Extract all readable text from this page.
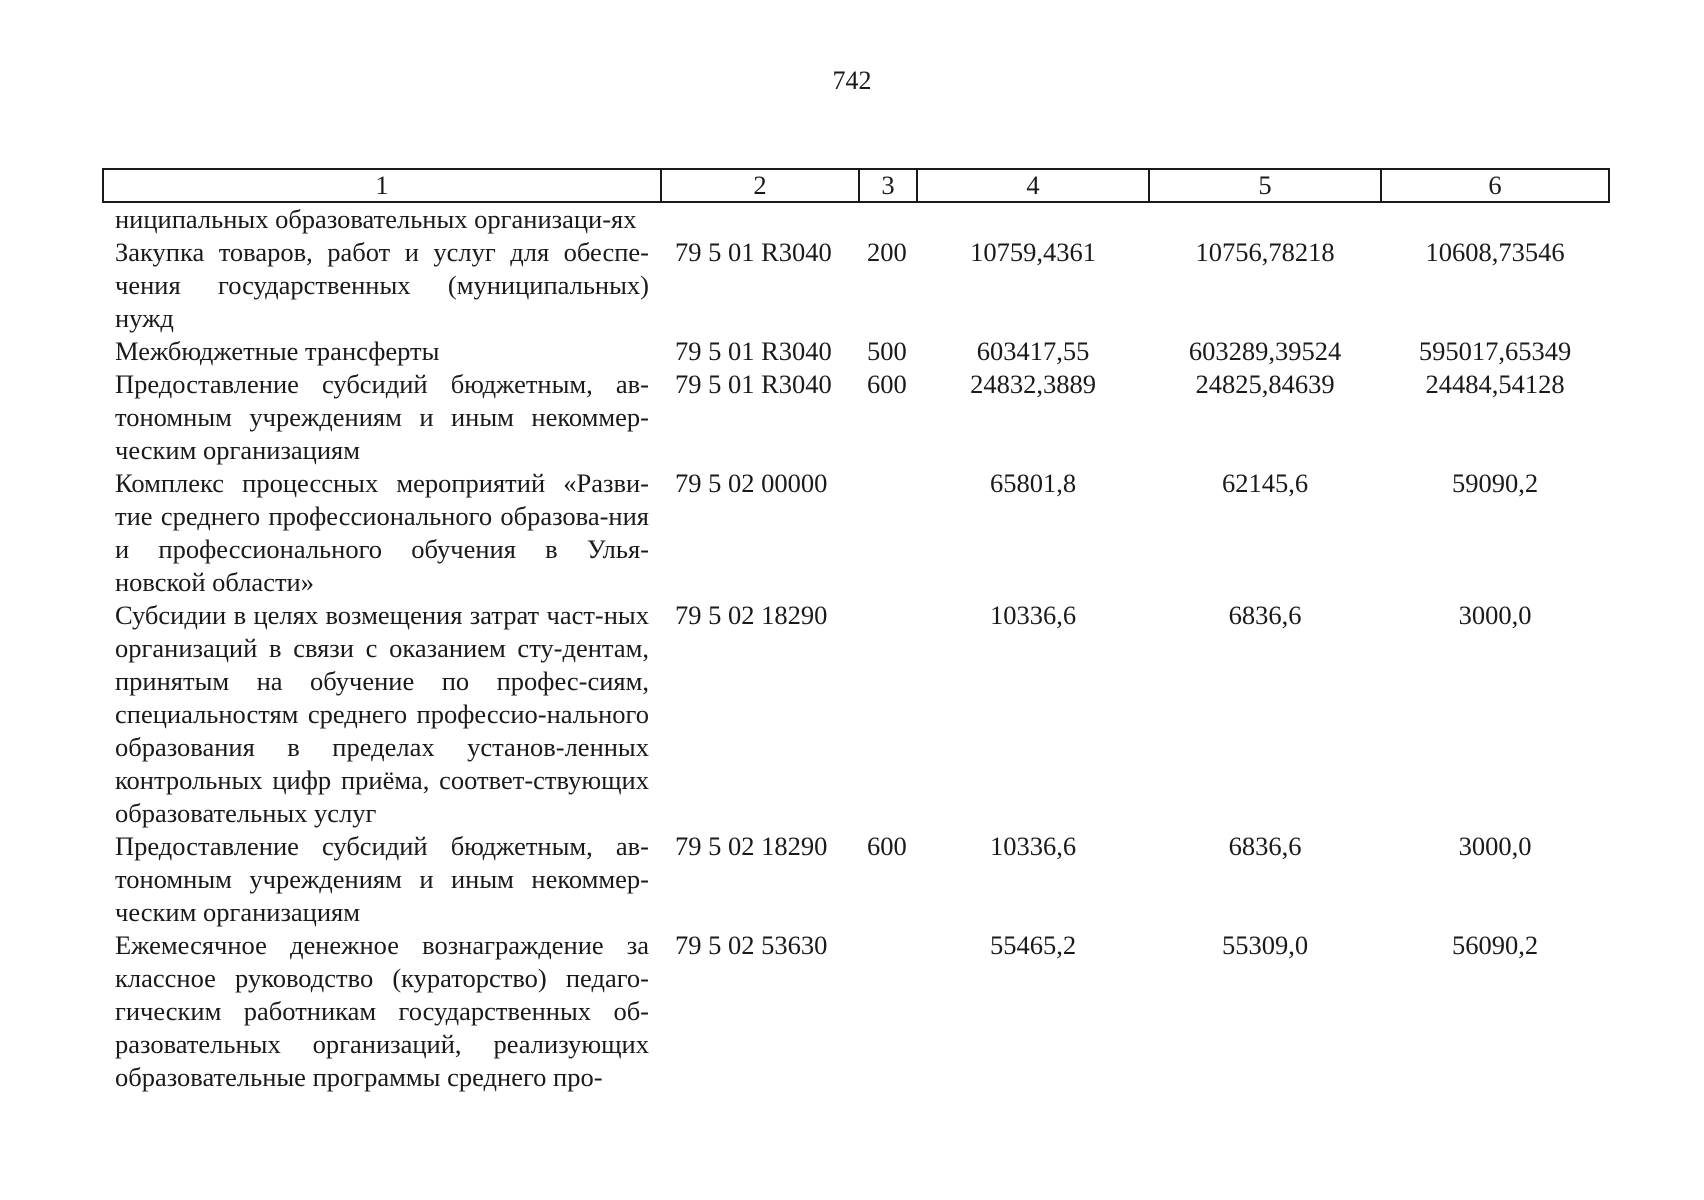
742
1	2	3	4	5	6
ниципальных образовательных организаци-ях					
Закупка товаров, работ и услуг для обеспе-чения государственных (муниципальных) нужд	79 5 01 R3040	200	10759,4361	10756,78218	10608,73546
Межбюджетные трансферты	79 5 01 R3040	500	603417,55	603289,39524	595017,65349
Предоставление субсидий бюджетным, ав-тономным учреждениям и иным некоммер-ческим организациям	79 5 01 R3040	600	24832,3889	24825,84639	24484,54128
Комплекс процессных мероприятий «Разви-тие среднего профессионального образова-ния и профессионального обучения в Улья-новской области»	79 5 02 00000		65801,8	62145,6	59090,2
Субсидии в целях возмещения затрат част-ных организаций в связи с оказанием сту-дентам, принятым на обучение по профес-сиям, специальностям среднего профессио-нального образования в пределах установ-ленных контрольных цифр приёма, соответ-ствующих образовательных услуг	79 5 02 18290		10336,6	6836,6	3000,0
Предоставление субсидий бюджетным, ав-тономным учреждениям и иным некоммер-ческим организациям	79 5 02 18290	600	10336,6	6836,6	3000,0
Ежемесячное денежное вознаграждение за классное руководство (кураторство) педаго-гическим работникам государственных об-разовательных организаций, реализующих образовательные программы среднего про-	79 5 02 53630		55465,2	55309,0	56090,2
